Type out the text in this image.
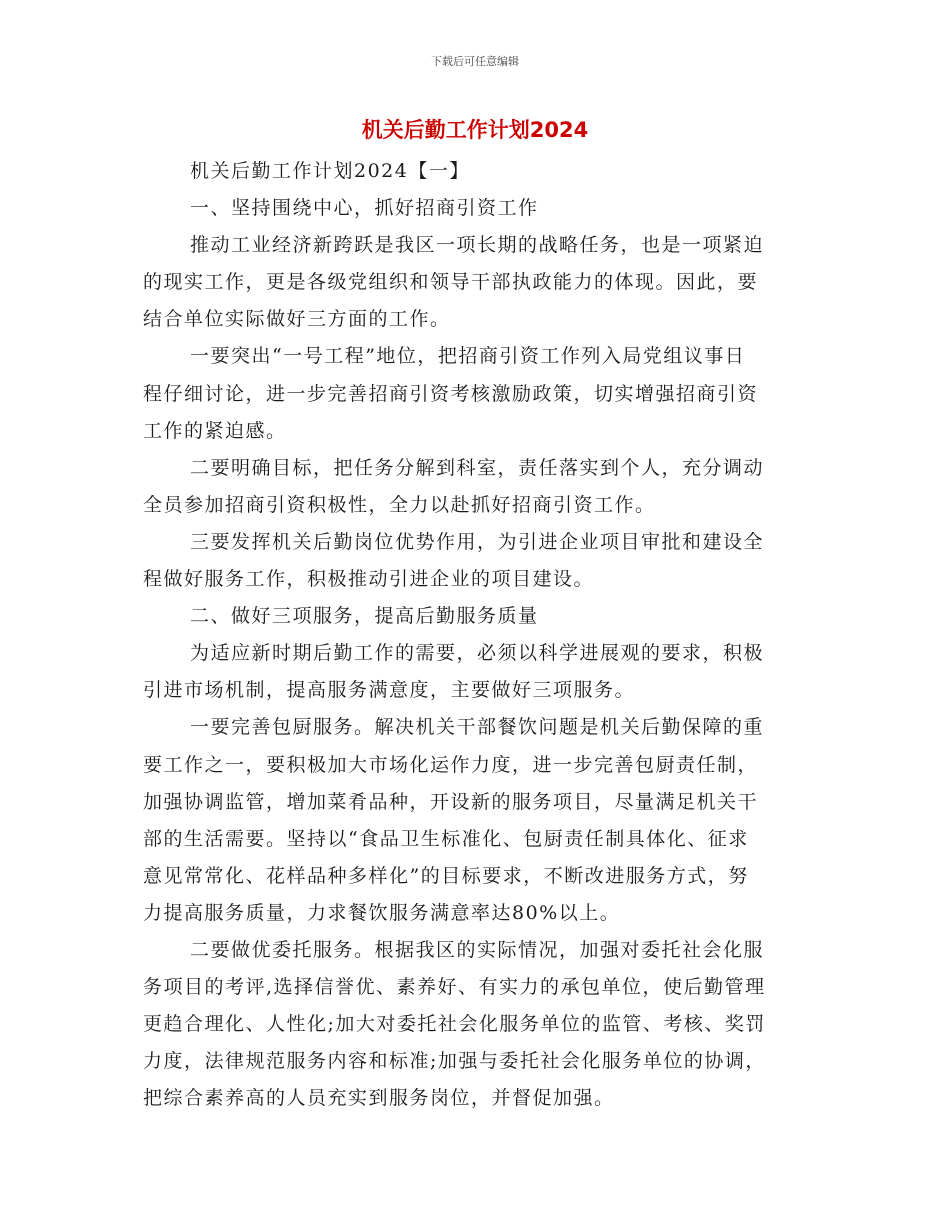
下载后可任意编辑
机关后勤工作计划2024
机关后勤工作计划2024【一】
一、坚持围绕中心，抓好招商引资工作
推动工业经济新跨跃是我区一项长期的战略任务，也是一项紧迫
的现实工作，更是各级党组织和领导干部执政能力的体现。因此，要
结合单位实际做好三方面的工作。
一要突出“一号工程”地位，把招商引资工作列入局党组议事日
程仔细讨论，进一步完善招商引资考核激励政策，切实增强招商引资
工作的紧迫感。
二要明确目标，把任务分解到科室，责任落实到个人，充分调动
全员参加招商引资积极性，全力以赴抓好招商引资工作。
三要发挥机关后勤岗位优势作用，为引进企业项目审批和建设全
程做好服务工作，积极推动引进企业的项目建设。
二、做好三项服务，提高后勤服务质量
为适应新时期后勤工作的需要，必须以科学进展观的要求，积极
引进市场机制，提高服务满意度，主要做好三项服务。
一要完善包厨服务。解决机关干部餐饮问题是机关后勤保障的重
要工作之一，要积极加大市场化运作力度，进一步完善包厨责任制，
加强协调监管，增加菜肴品种，开设新的服务项目，尽量满足机关干
部的生活需要。坚持以“食品卫生标准化、包厨责任制具体化、征求
意见常常化、花样品种多样化”的目标要求，不断改进服务方式，努
力提高服务质量，力求餐饮服务满意率达80%以上。
二要做优委托服务。根据我区的实际情况，加强对委托社会化服
务项目的考评,选择信誉优、素养好、有实力的承包单位，使后勤管理
更趋合理化、人性化;加大对委托社会化服务单位的监管、考核、奖罚
力度，法律规范服务内容和标准;加强与委托社会化服务单位的协调，
把综合素养高的人员充实到服务岗位，并督促加强。
